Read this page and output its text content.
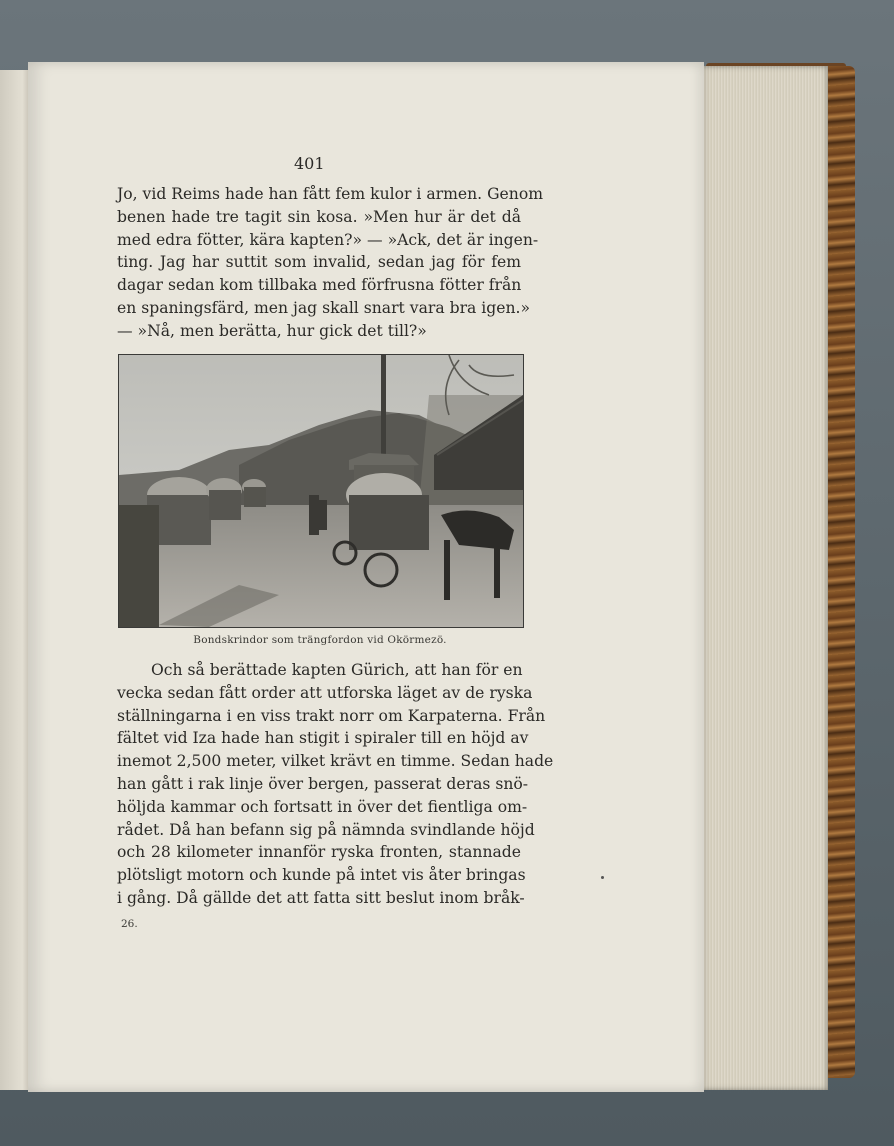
401

Jo, vid Reims hade han fått fem kulor i armen. Genom
benen hade tre tagit sin kosa. »Men hur är det då
med edra fötter, kära kapten?» — »Ack, det är ingen-
ting. Jag har suttit som invalid, sedan jag för fem
dagar sedan kom tillbaka med förfrusna fötter från
en spaningsfärd, men jag skall snart vara bra igen.»
— »Nå, men berätta, hur gick det till?»

Bondskrindor som trängfordon vid Okörmezö.

Och så berättade kapten Gürich, att han för en
vecka sedan fått order att utforska läget av de ryska
ställningarna i en viss trakt norr om Karpaterna. Från
fältet vid Iza hade han stigit i spiraler till en höjd av
inemot 2,500 meter, vilket krävt en timme. Sedan hade
han gått i rak linje över bergen, passerat deras snö-
höljda kammar och fortsatt in över det fientliga om-
rådet. Då han befann sig på nämnda svindlande höjd
och 28 kilometer innanför ryska fronten, stannade
plötsligt motorn och kunde på intet vis åter bringas
i gång. Då gällde det att fatta sitt beslut inom bråk-

26.
